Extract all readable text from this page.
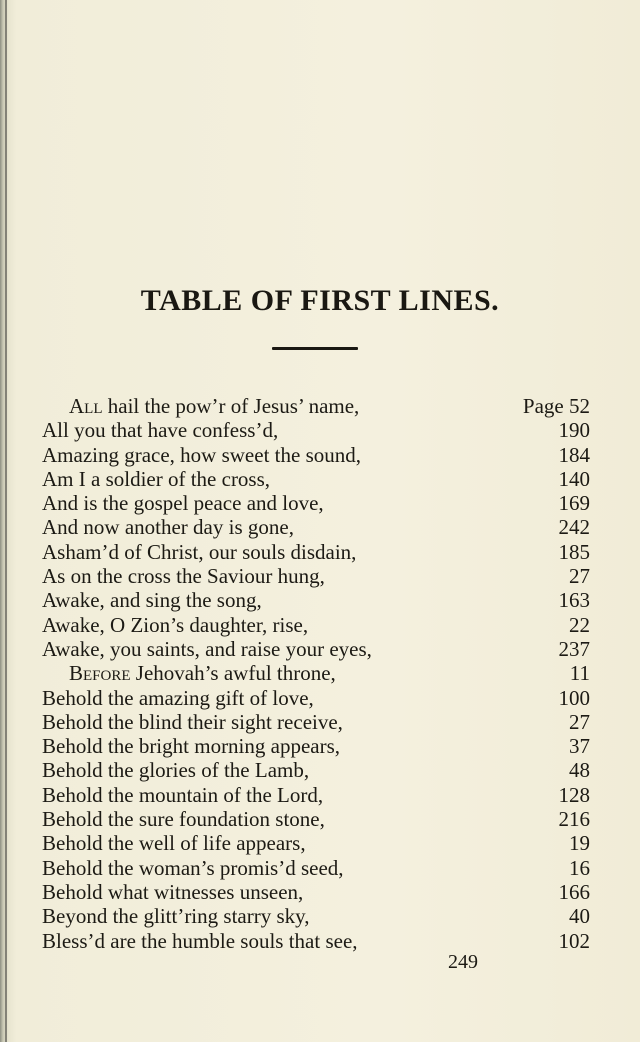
TABLE OF FIRST LINES.
All hail the pow’r of Jesus’ name,	Page 52
All you that have confess’d,	190
Amazing grace, how sweet the sound,	184
Am I a soldier of the cross,	140
And is the gospel peace and love,	169
And now another day is gone,	242
Asham’d of Christ, our souls disdain,	185
As on the cross the Saviour hung,	27
Awake, and sing the song,	163
Awake, O Zion’s daughter, rise,	22
Awake, you saints, and raise your eyes,	237
Before Jehovah’s awful throne,	11
Behold the amazing gift of love,	100
Behold the blind their sight receive,	27
Behold the bright morning appears,	37
Behold the glories of the Lamb,	48
Behold the mountain of the Lord,	128
Behold the sure foundation stone,	216
Behold the well of life appears,	19
Behold the woman’s promis’d seed,	16
Behold what witnesses unseen,	166
Beyond the glitt’ring starry sky,	40
Bless’d are the humble souls that see,	102
249
